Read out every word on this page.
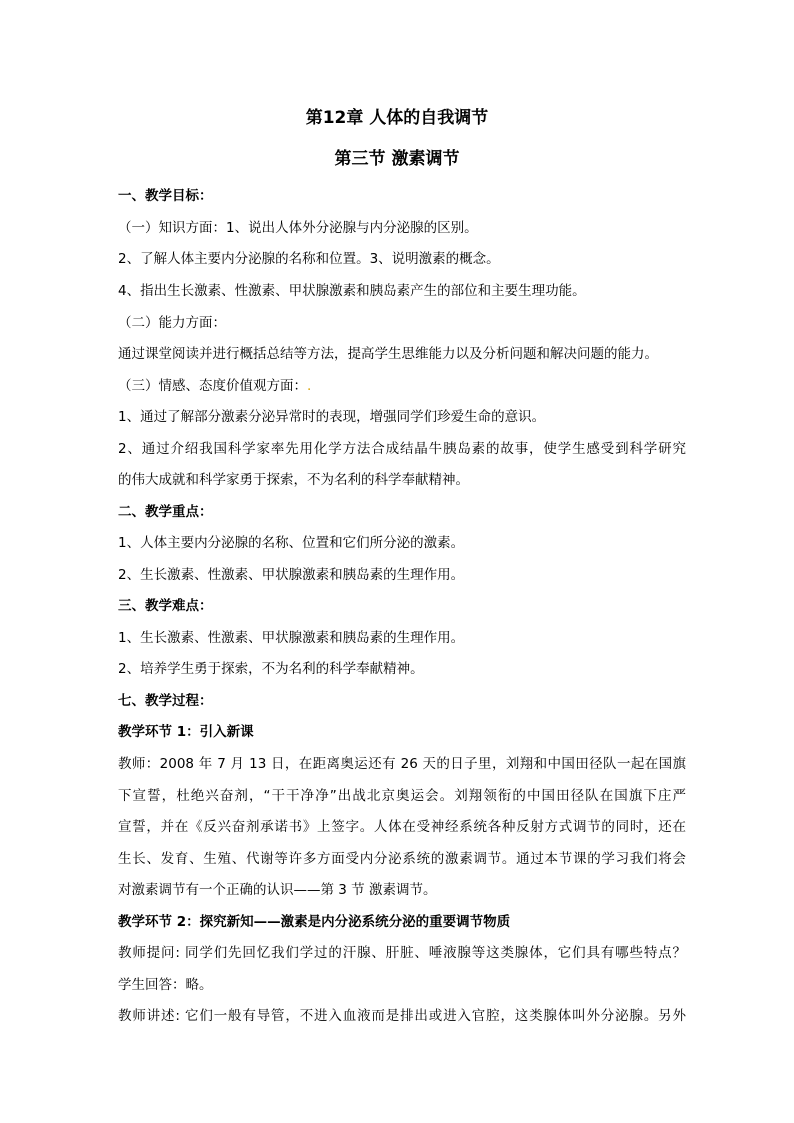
第12章 人体的自我调节
第三节 激素调节
一、教学目标：
（一）知识方面：1、说出人体外分泌腺与内分泌腺的区别。
2、了解人体主要内分泌腺的名称和位置。3、说明激素的概念。
4、指出生长激素、性激素、甲状腺激素和胰岛素产生的部位和主要生理功能。
（二）能力方面：
通过课堂阅读并进行概括总结等方法，提高学生思维能力以及分析问题和解决问题的能力。
（三）情感、态度价值观方面：.
1、通过了解部分激素分泌异常时的表现，增强同学们珍爱生命的意识。
2、通过介绍我国科学家率先用化学方法合成结晶牛胰岛素的故事，使学生感受到科学研究
的伟大成就和科学家勇于探索，不为名利的科学奉献精神。
二、教学重点：
1、人体主要内分泌腺的名称、位置和它们所分泌的激素。
2、生长激素、性激素、甲状腺激素和胰岛素的生理作用。
三、教学难点：
1、生长激素、性激素、甲状腺激素和胰岛素的生理作用。
2、培养学生勇于探索，不为名利的科学奉献精神。
七、教学过程：
教学环节 1：引入新课
教师：2008 年 7 月 13 日，在距离奥运还有 26 天的日子里，刘翔和中国田径队一起在国旗
下宣誓，杜绝兴奋剂，“干干净净”出战北京奥运会。刘翔领衔的中国田径队在国旗下庄严
宣誓，并在《反兴奋剂承诺书》上签字。人体在受神经系统各种反射方式调节的同时，还在
生长、发育、生殖、代谢等许多方面受内分泌系统的激素调节。通过本节课的学习我们将会
对激素调节有一个正确的认识——第 3 节 激素调节。
教学环节 2：探究新知——激素是内分泌系统分泌的重要调节物质
教师提问: 同学们先回忆我们学过的汗腺、肝脏、唾液腺等这类腺体，它们具有哪些特点？
学生回答：略。
教师讲述: 它们一般有导管，不进入血液而是排出或进入官腔，这类腺体叫外分泌腺。另外
